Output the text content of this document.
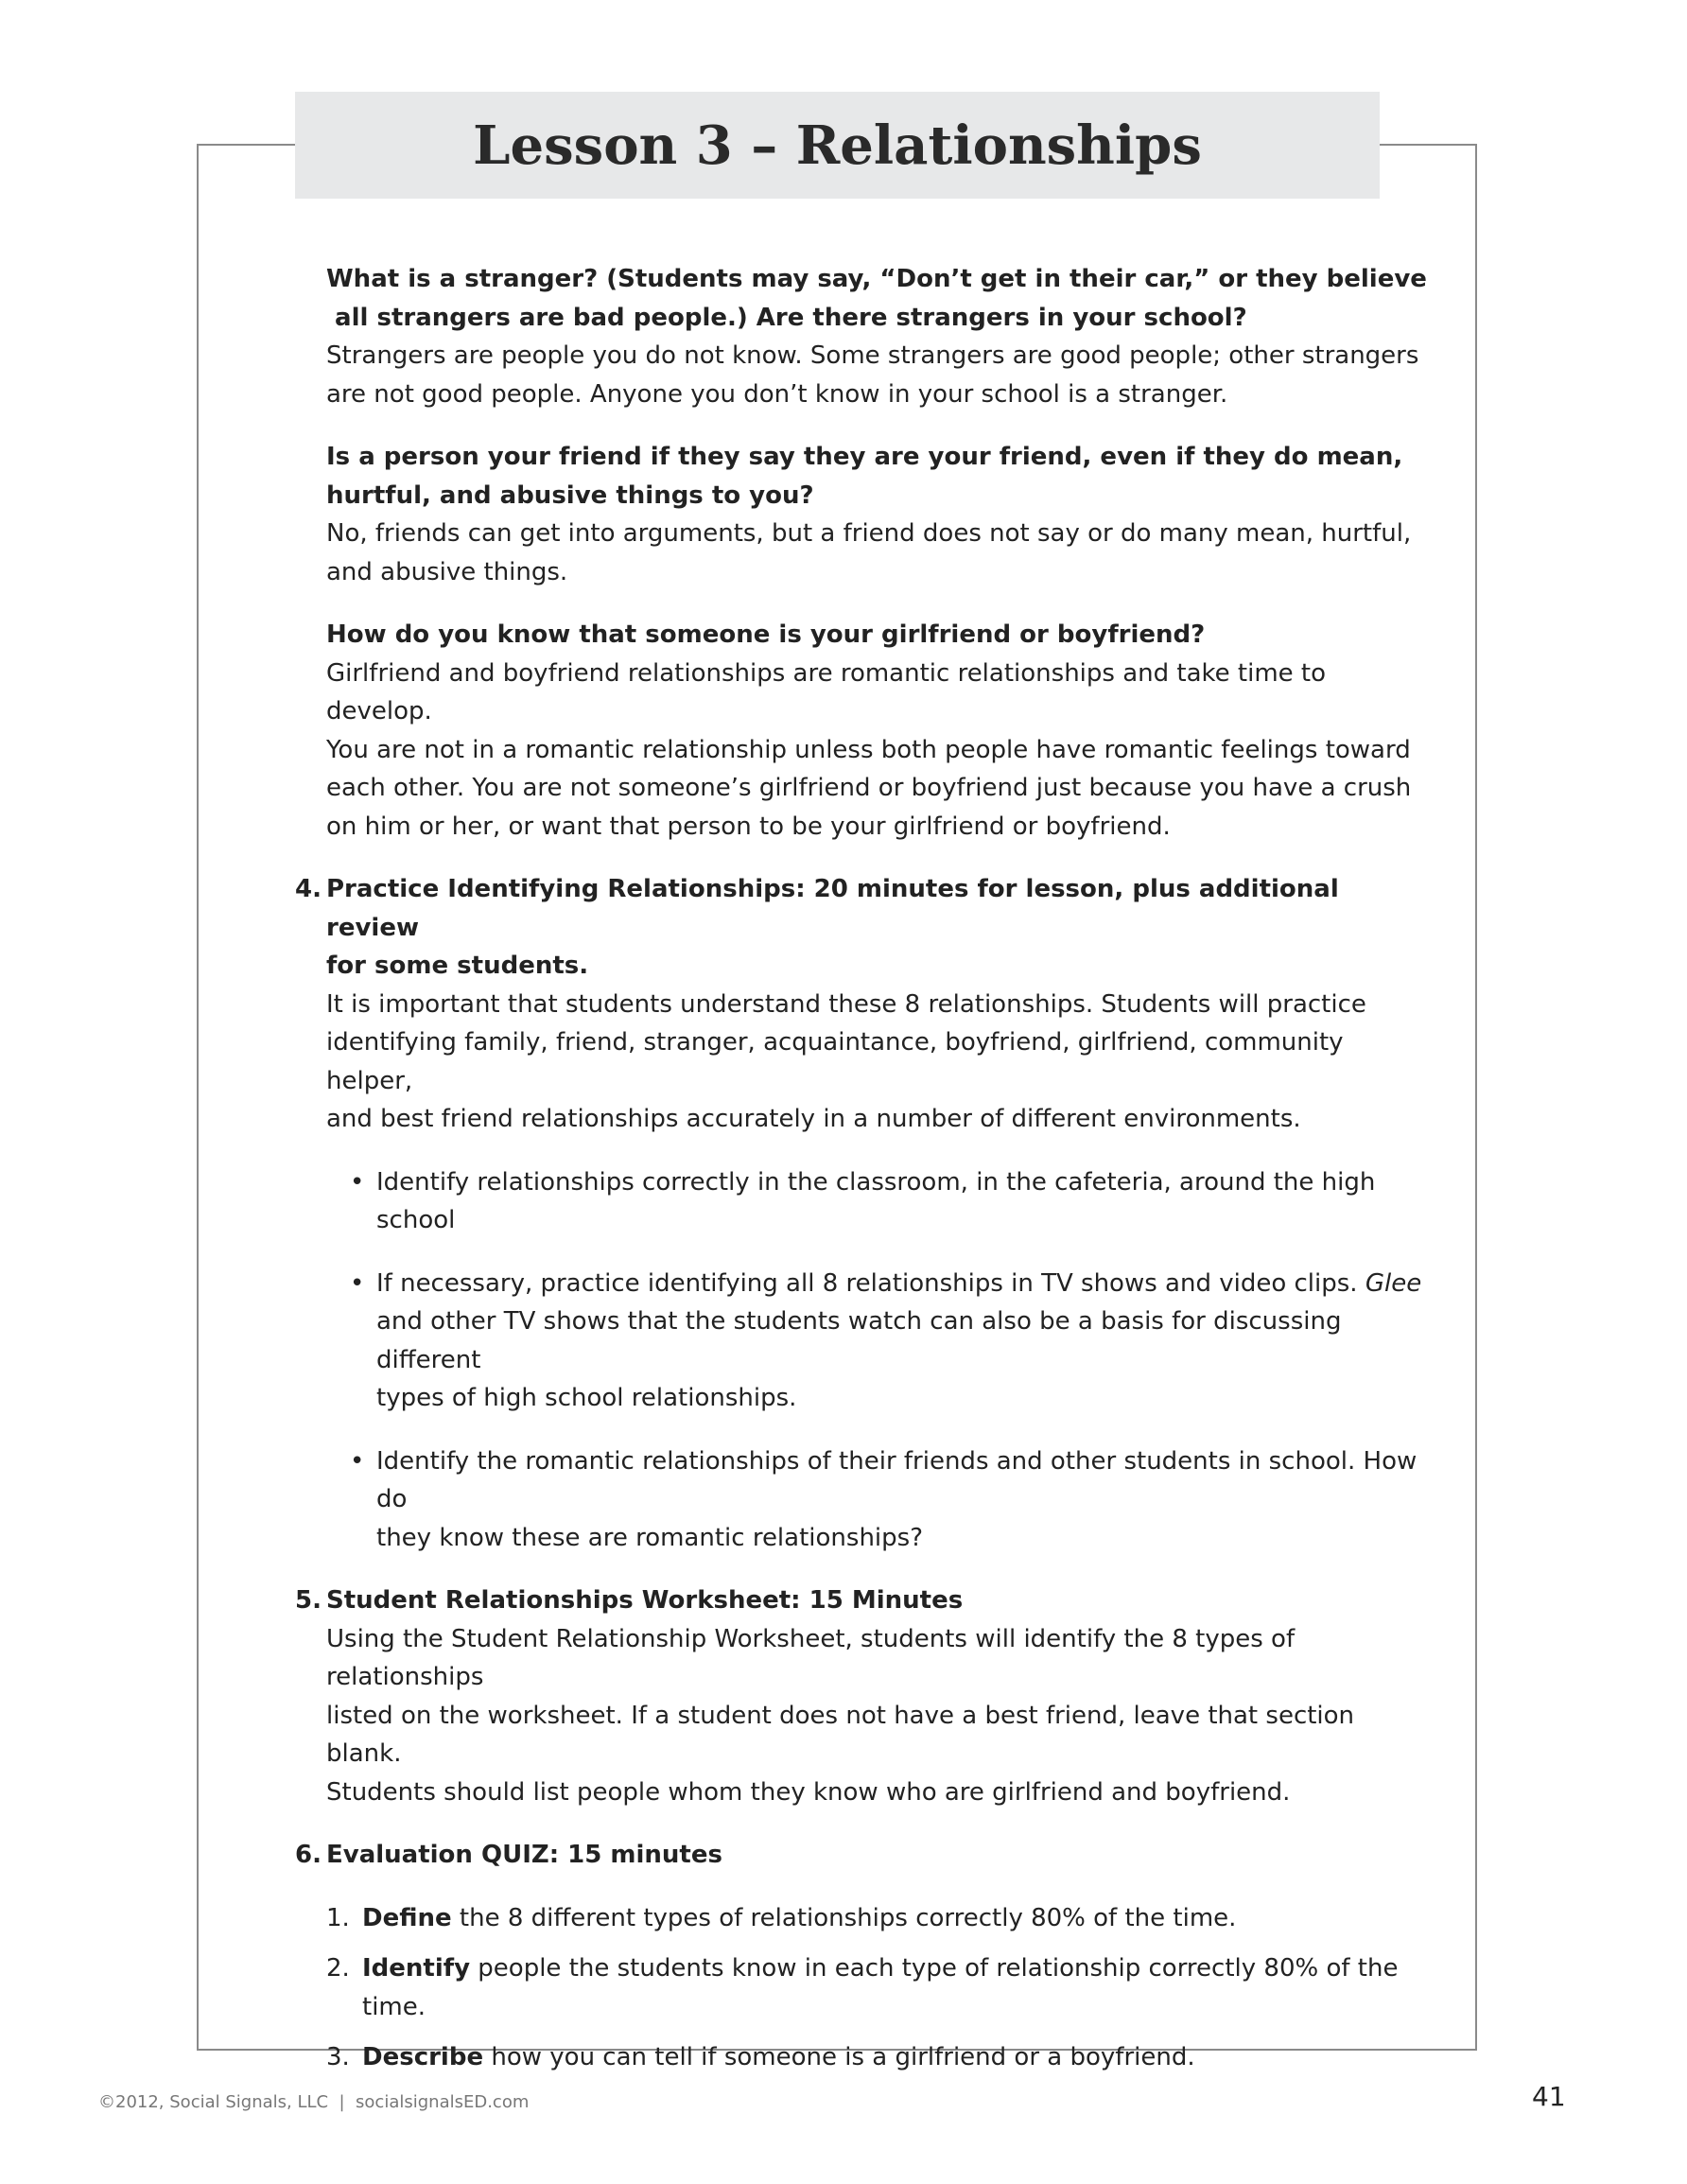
Lesson 3 – Relationships

What is a stranger? (Students may say, “Don’t get in their car,” or they believe
all strangers are bad people.) Are there strangers in your school?

Strangers are people you do not know. Some strangers are good people; other strangers
are not good people. Anyone you don’t know in your school is a stranger.

Is a person your friend if they say they are your friend, even if they do mean,
hurtful, and abusive things to you?

No, friends can get into arguments, but a friend does not say or do many mean, hurtful,
and abusive things.

How do you know that someone is your girlfriend or boyfriend?

Girlfriend and boyfriend relationships are romantic relationships and take time to develop.
You are not in a romantic relationship unless both people have romantic feelings toward
each other. You are not someone’s girlfriend or boyfriend just because you have a crush
on him or her, or want that person to be your girlfriend or boyfriend.

4. Practice Identifying Relationships: 20 minutes for lesson, plus additional review
for some students.

It is important that students understand these 8 relationships. Students will practice
identifying family, friend, stranger, acquaintance, boyfriend, girlfriend, community helper,
and best friend relationships accurately in a number of different environments.

• Identify relationships correctly in the classroom, in the cafeteria, around the high school
• If necessary, practice identifying all 8 relationships in TV shows and video clips. Glee
and other TV shows that the students watch can also be a basis for discussing different
types of high school relationships.
• Identify the romantic relationships of their friends and other students in school. How do
they know these are romantic relationships?
5. Student Relationships Worksheet: 15 Minutes

Using the Student Relationship Worksheet, students will identify the 8 types of relationships
listed on the worksheet. If a student does not have a best friend, leave that section blank.
Students should list people whom they know who are girlfriend and boyfriend.

6. Evaluation QUIZ: 15 minutes
1. Define the 8 different types of relationships correctly 80% of the time.
2. Identify people the students know in each type of relationship correctly 80% of the time.
3. Describe how you can tell if someone is a girlfriend or a boyfriend.
©2012, Social Signals, LLC  |  socialsignalsED.com	41
